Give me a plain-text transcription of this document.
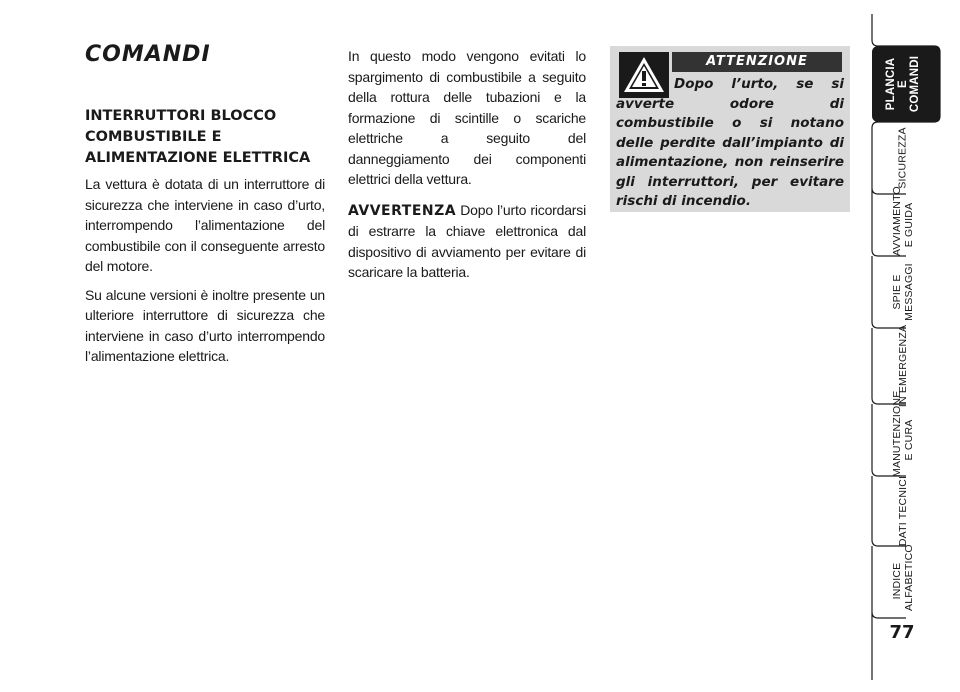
COMANDI
INTERRUTTORI BLOCCO COMBUSTIBILE E ALIMENTAZIONE ELETTRICA

La vettura è dotata di un interruttore di sicurezza che interviene in caso d’urto, interrompendo l’alimentazione del combustibile con il conseguente arresto del motore.

Su alcune versioni è inoltre presente un ulteriore interruttore di sicurezza che interviene in caso d’urto interrompendo l’alimentazione elettrica.

In questo modo vengono evitati lo spargimento di combustibile a seguito della rottura delle tubazioni e la formazione di scintille o scariche elettriche a seguito del danneggiamento dei componenti elettrici della vettura.

AVVERTENZA Dopo l’urto ricordarsi di estrarre la chiave elettronica dal dispositivo di avviamento per evitare di scaricare la batteria.

ATTENZIONE

Dopo l’urto, se si avverte odore di combustibile o si notano delle perdite dall’impianto di alimentazione, non reinserire gli interruttori, per evitare rischi di incendio.

PLANCIA E COMANDI
SICUREZZA
AVVIAMENTO E GUIDA
SPIE E MESSAGGI
IN EMERGENZA
MANUTENZIONE E CURA
DATI TECNICI
INDICE ALFABETICO
77
